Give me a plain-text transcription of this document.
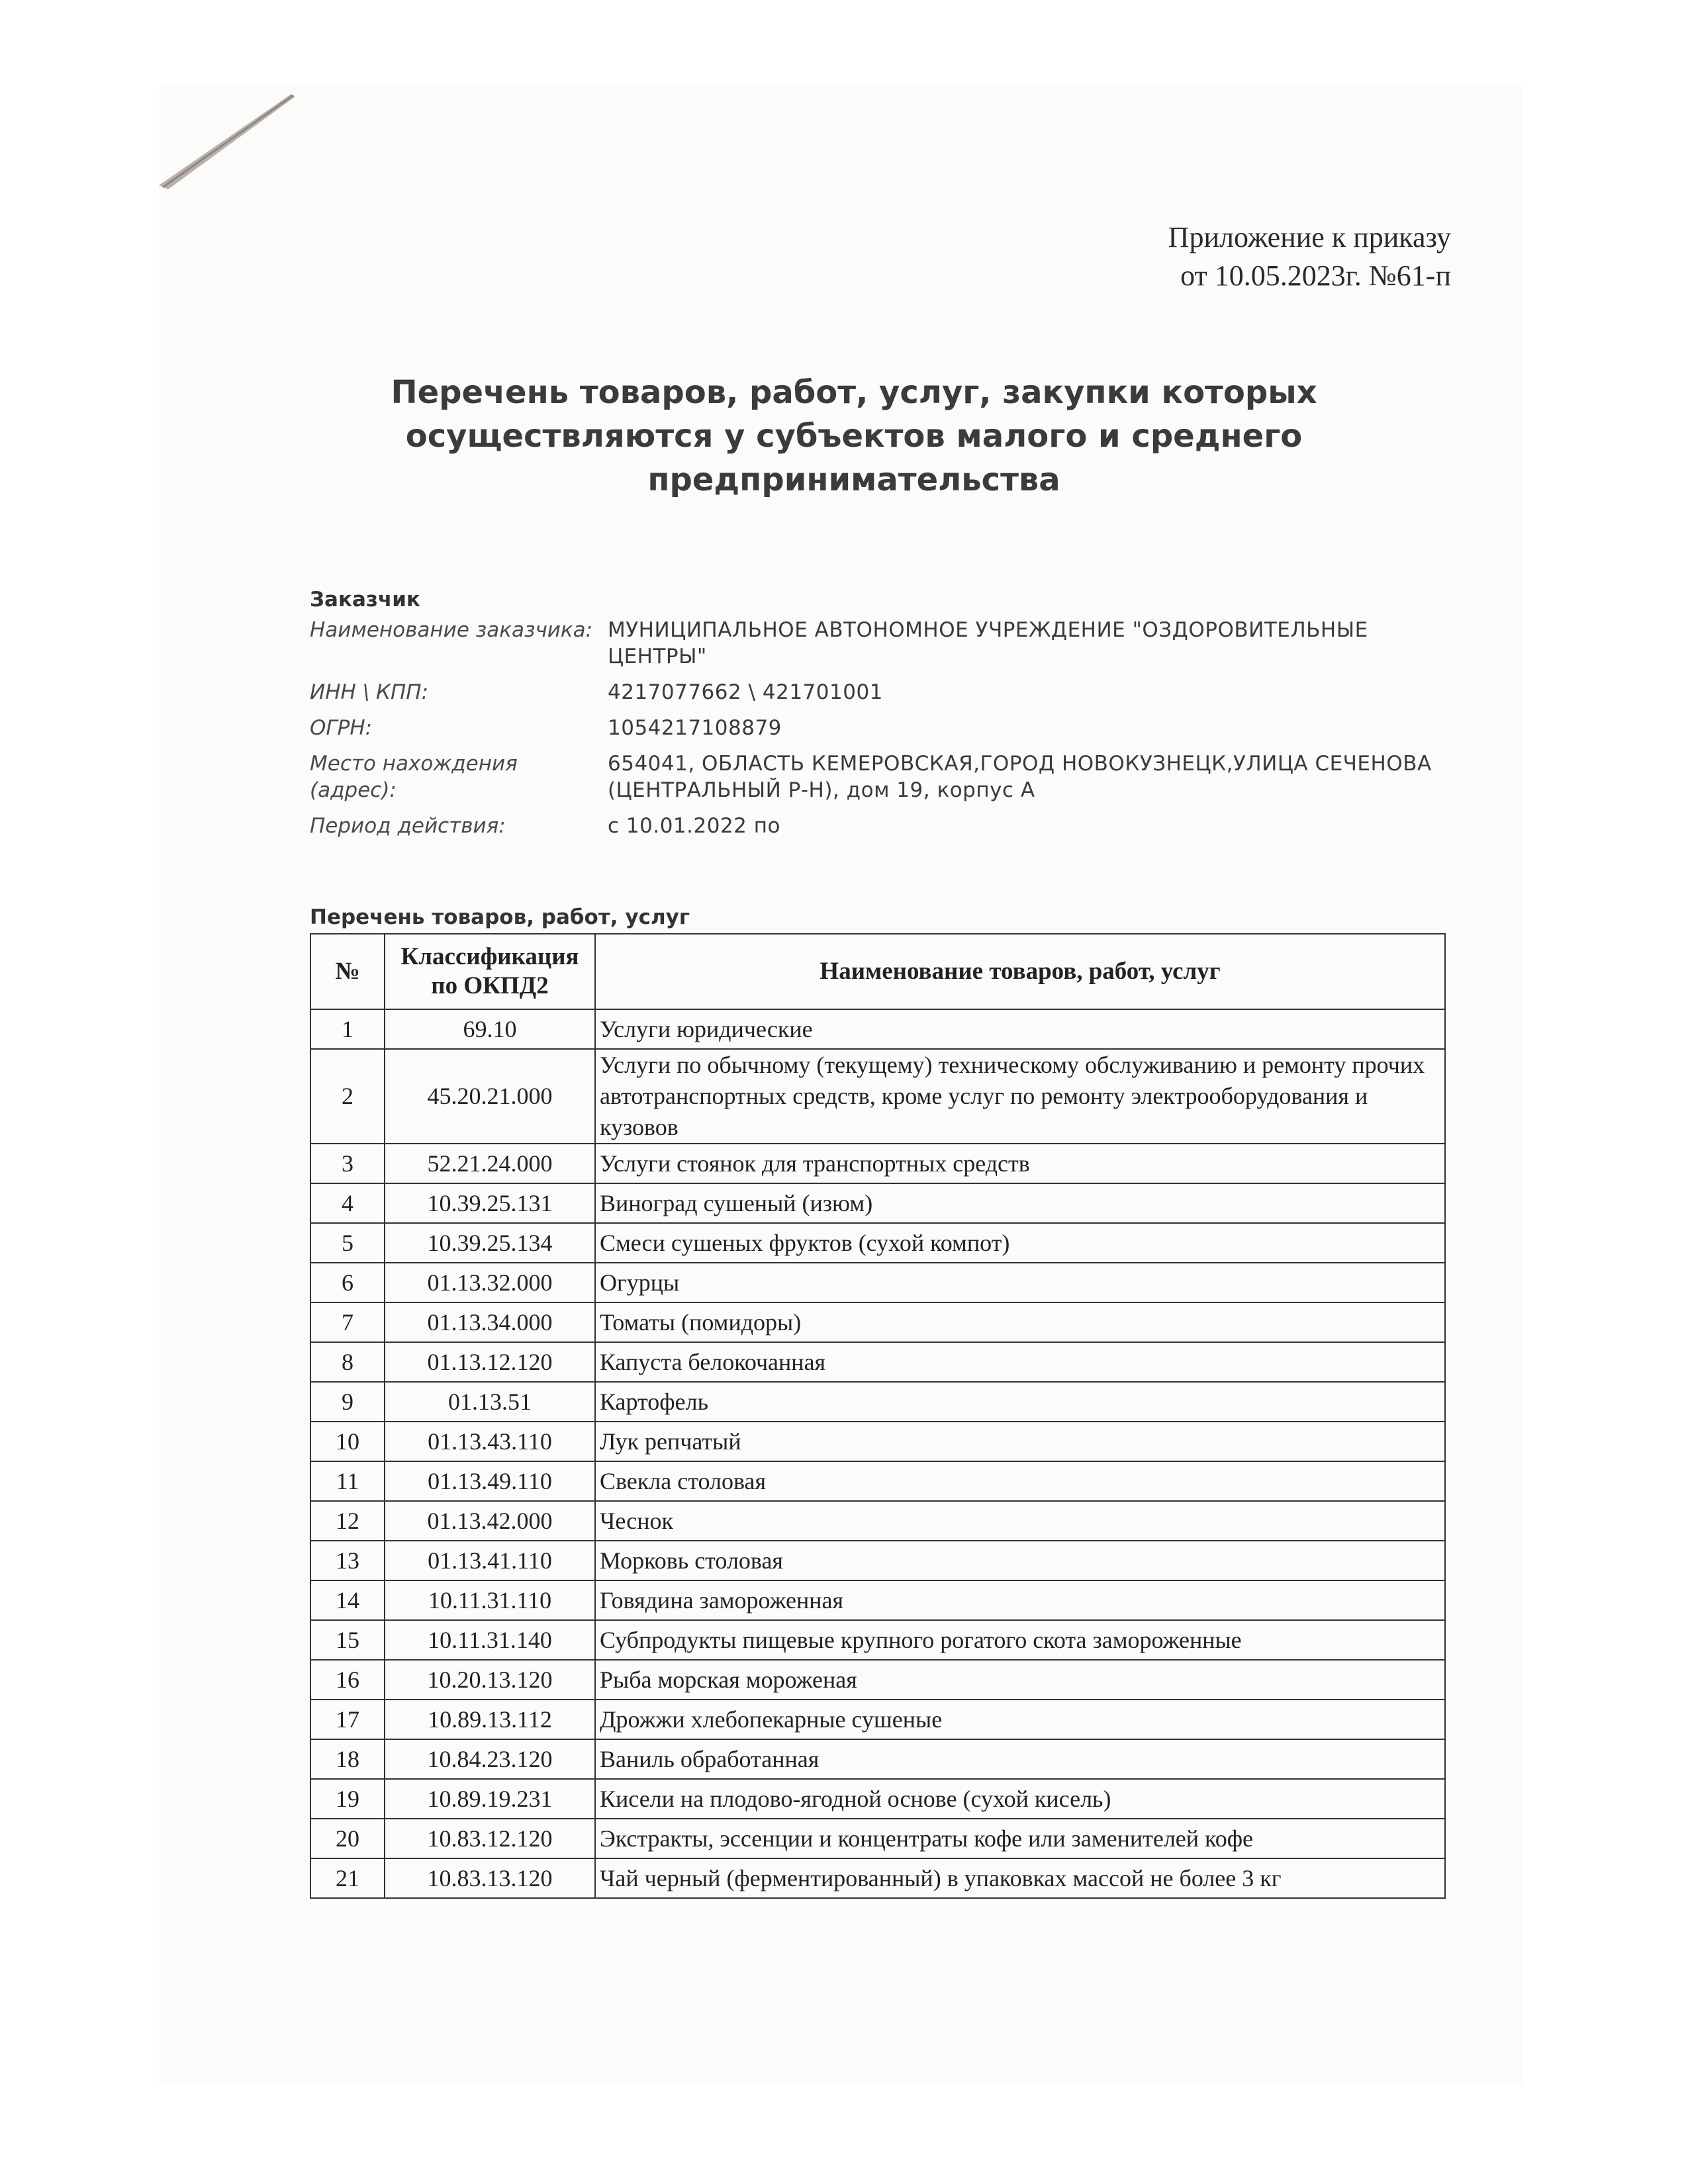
Приложение к приказу
от 10.05.2023г. №61-п
Перечень товаров, работ, услуг, закупки которых осуществляются у субъектов малого и среднего предпринимательства
Заказчик
Наименование заказчика: МУНИЦИПАЛЬНОЕ АВТОНОМНОЕ УЧРЕЖДЕНИЕ "ОЗДОРОВИТЕЛЬНЫЕ ЦЕНТРЫ"
ИНН \ КПП:	4217077662 \ 421701001
ОГРН:	1054217108879
Место нахождения (адрес):
654041, ОБЛАСТЬ КЕМЕРОВСКАЯ,ГОРОД НОВОКУЗНЕЦК,УЛИЦА СЕЧЕНОВА (ЦЕНТРАЛЬНЫЙ Р-Н), дом 19, корпус А
Период действия:	с 10.01.2022 по
Перечень товаров, работ, услуг
№	Классификация по ОКПД2	Наименование товаров, работ, услуг
1	69.10	Услуги юридические
2	45.20.21.000	Услуги по обычному (текущему) техническому обслуживанию и ремонту прочих автотранспортных средств, кроме услуг по ремонту электрооборудования и кузовов
3	52.21.24.000	Услуги стоянок для транспортных средств
4	10.39.25.131	Виноград сушеный (изюм)
5	10.39.25.134	Смеси сушеных фруктов (сухой компот)
6	01.13.32.000	Огурцы
7	01.13.34.000	Томаты (помидоры)
8	01.13.12.120	Капуста белокочанная
9	01.13.51	Картофель
10	01.13.43.110	Лук репчатый
11	01.13.49.110	Свекла столовая
12	01.13.42.000	Чеснок
13	01.13.41.110	Морковь столовая
14	10.11.31.110	Говядина замороженная
15	10.11.31.140	Субпродукты пищевые крупного рогатого скота замороженные
16	10.20.13.120	Рыба морская мороженая
17	10.89.13.112	Дрожжи хлебопекарные сушеные
18	10.84.23.120	Ваниль обработанная
19	10.89.19.231	Кисели на плодово-ягодной основе (сухой кисель)
20	10.83.12.120	Экстракты, эссенции и концентраты кофе или заменителей кофе
21	10.83.13.120	Чай черный (ферментированный) в упаковках массой не более 3 кг
